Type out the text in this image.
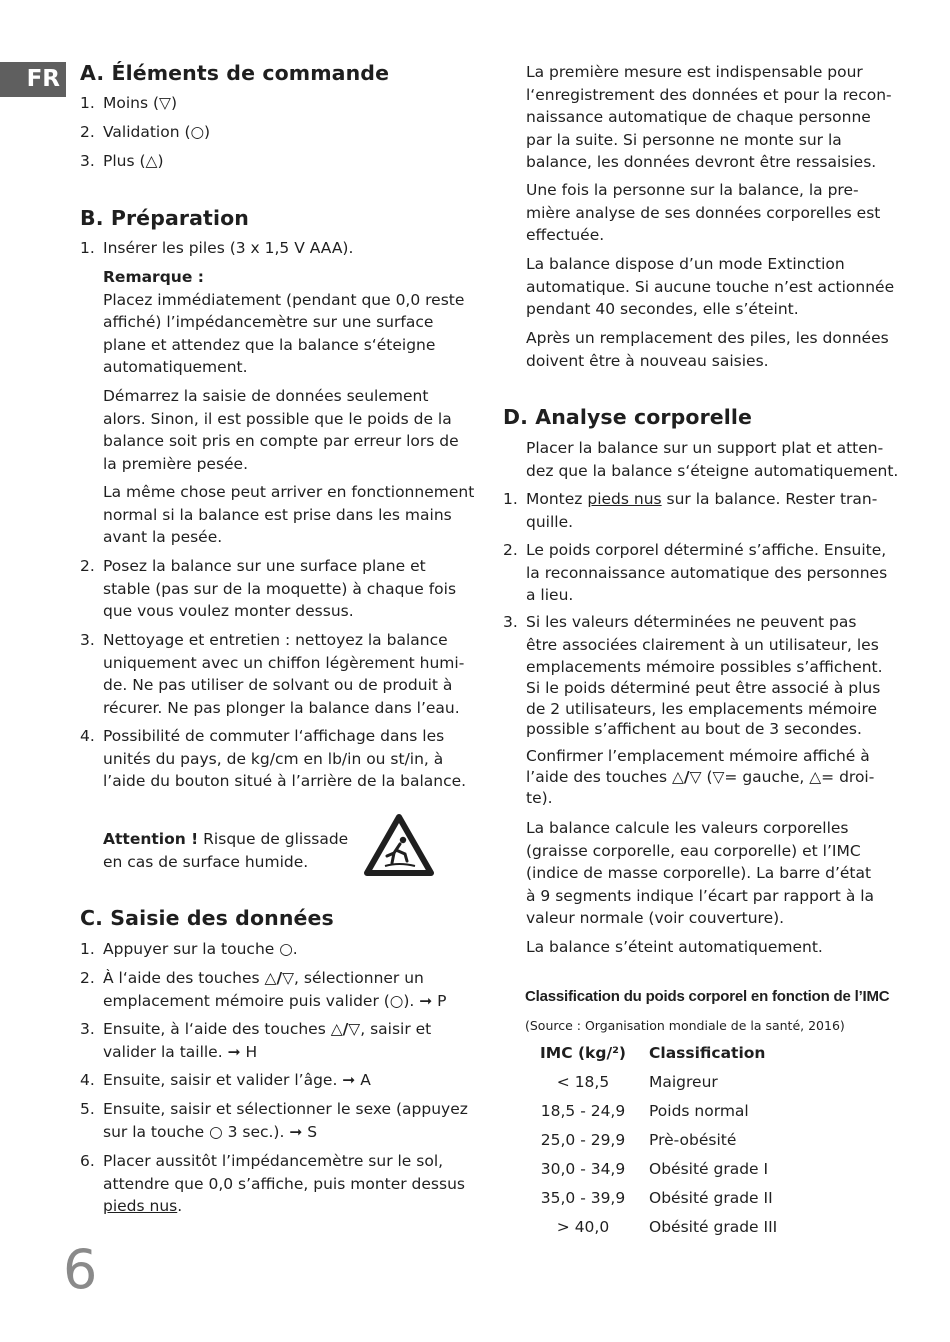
FR A. Éléments de commande
1. Moins (▽)
2. Validation (○)
3. Plus (△)
B. Préparation
1. Insérer les piles (3 x 1,5 V AAA).
Remarque :
Placez immédiatement (pendant que 0,0 reste
affiché) l’impédancemètre sur une surface
plane et attendez que la balance s‘éteigne
automatiquement.
Démarrez la saisie de données seulement
alors. Sinon, il est possible que le poids de la
balance soit pris en compte par erreur lors de
la première pesée.
La même chose peut arriver en fonctionnement
normal si la balance est prise dans les mains
avant la pesée.
2. Posez la balance sur une surface plane et
stable (pas sur de la moquette) à chaque fois
que vous voulez monter dessus.
3. Nettoyage et entretien : nettoyez la balance
uniquement avec un chiffon légèrement humi-
de. Ne pas utiliser de solvant ou de produit à
récurer. Ne pas plonger la balance dans l’eau.
4. Possibilité de commuter l‘affichage dans les
unités du pays, de kg/cm en lb/in ou st/in, à
l’aide du bouton situé à l’arrière de la balance.
Attention ! Risque de glissade
en cas de surface humide.
C. Saisie des données
1. Appuyer sur la touche ○.
2. À l‘aide des touches △/▽, sélectionner un
emplacement mémoire puis valider (○). ➞ P
3. Ensuite, à l‘aide des touches △/▽, saisir et
valider la taille. ➞ H
4. Ensuite, saisir et valider l’âge. ➞ A
5. Ensuite, saisir et sélectionner le sexe (appuyez
sur la touche ○ 3 sec.). ➞ S
6. Placer aussitôt l’impédancemètre sur le sol,
attendre que 0,0 s’affiche, puis monter dessus
pieds nus.
La première mesure est indispensable pour
l‘enregistrement des données et pour la recon-
naissance automatique de chaque personne
par la suite. Si personne ne monte sur la
balance, les données devront être ressaisies.
Une fois la personne sur la balance, la pre-
mière analyse de ses données corporelles est
effectuée.
La balance dispose d’un mode Extinction
automatique. Si aucune touche n’est actionnée
pendant 40 secondes, elle s’éteint.
Après un remplacement des piles, les données
doivent être à nouveau saisies.
D. Analyse corporelle
Placer la balance sur un support plat et atten-
dez que la balance s‘éteigne automatiquement.
1. Montez pieds nus sur la balance. Rester tran-
quille.
2. Le poids corporel déterminé s’affiche. Ensuite,
la reconnaissance automatique des personnes
a lieu.
3. Si les valeurs déterminées ne peuvent pas
être associées clairement à un utilisateur, les
emplacements mémoire possibles s’affichent.
Si le poids déterminé peut être associé à plus
de 2 utilisateurs, les emplacements mémoire
possible s’affichent au bout de 3 secondes.
Confirmer l’emplacement mémoire affiché à
l’aide des touches △/▽ (▽= gauche, △= droi-
te).
La balance calcule les valeurs corporelles
(graisse corporelle, eau corporelle) et l’IMC
(indice de masse corporelle). La barre d’état
à 9 segments indique l’écart par rapport à la
valeur normale (voir couverture).
La balance s’éteint automatiquement.
Classification du poids corporel en fonction de l’IMC
(Source : Organisation mondiale de la santé, 2016)
IMC (kg/²)	Classification
< 18,5	Maigreur
18,5 - 24,9	Poids normal
25,0 - 29,9	Prè-obésité
30,0 - 34,9	Obésité grade I
35,0 - 39,9	Obésité grade II
> 40,0	Obésité grade III
6
